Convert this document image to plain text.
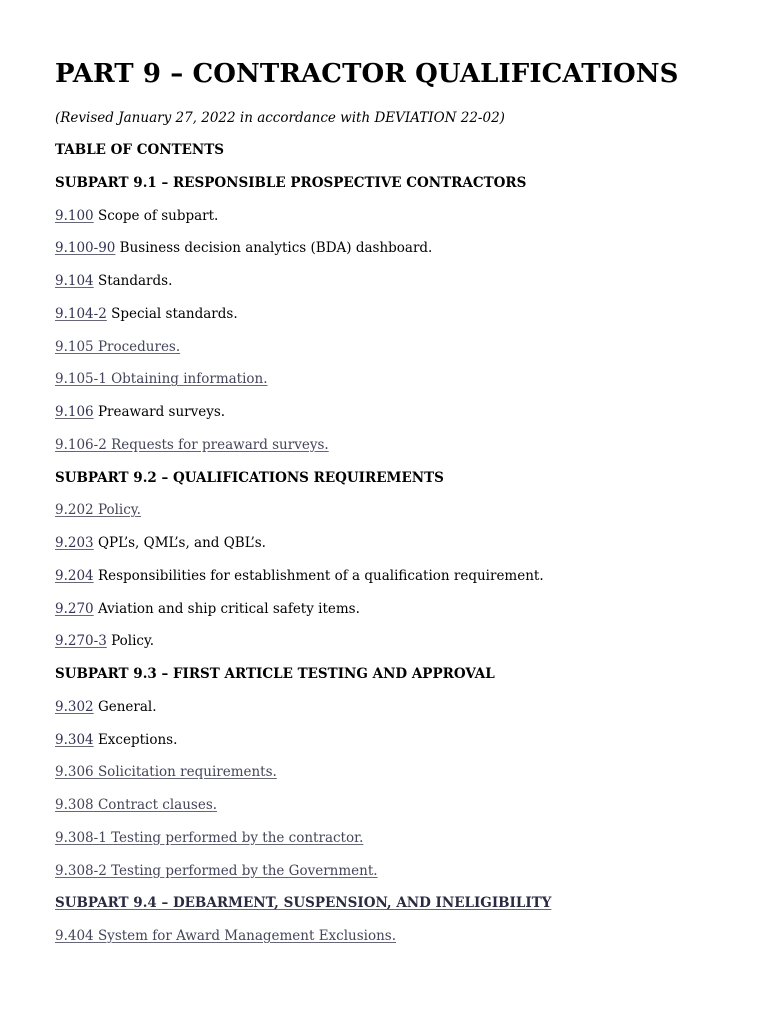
PART 9 – CONTRACTOR QUALIFICATIONS

(Revised January 27, 2022 in accordance with DEVIATION 22-02)

TABLE OF CONTENTS
SUBPART 9.1 – RESPONSIBLE PROSPECTIVE CONTRACTORS
9.100 Scope of subpart.
9.100-90 Business decision analytics (BDA) dashboard.
9.104 Standards.
9.104-2 Special standards.
9.105 Procedures.
9.105-1 Obtaining information.
9.106 Preaward surveys.
9.106-2 Requests for preaward surveys.
SUBPART 9.2 – QUALIFICATIONS REQUIREMENTS
9.202 Policy.
9.203 QPL’s, QML’s, and QBL’s.
9.204 Responsibilities for establishment of a qualification requirement.
9.270 Aviation and ship critical safety items.
9.270-3 Policy.
SUBPART 9.3 – FIRST ARTICLE TESTING AND APPROVAL
9.302 General.
9.304 Exceptions.
9.306 Solicitation requirements.
9.308 Contract clauses.
9.308-1 Testing performed by the contractor.
9.308-2 Testing performed by the Government.
SUBPART 9.4 – DEBARMENT, SUSPENSION, AND INELIGIBILITY
9.404 System for Award Management Exclusions.
